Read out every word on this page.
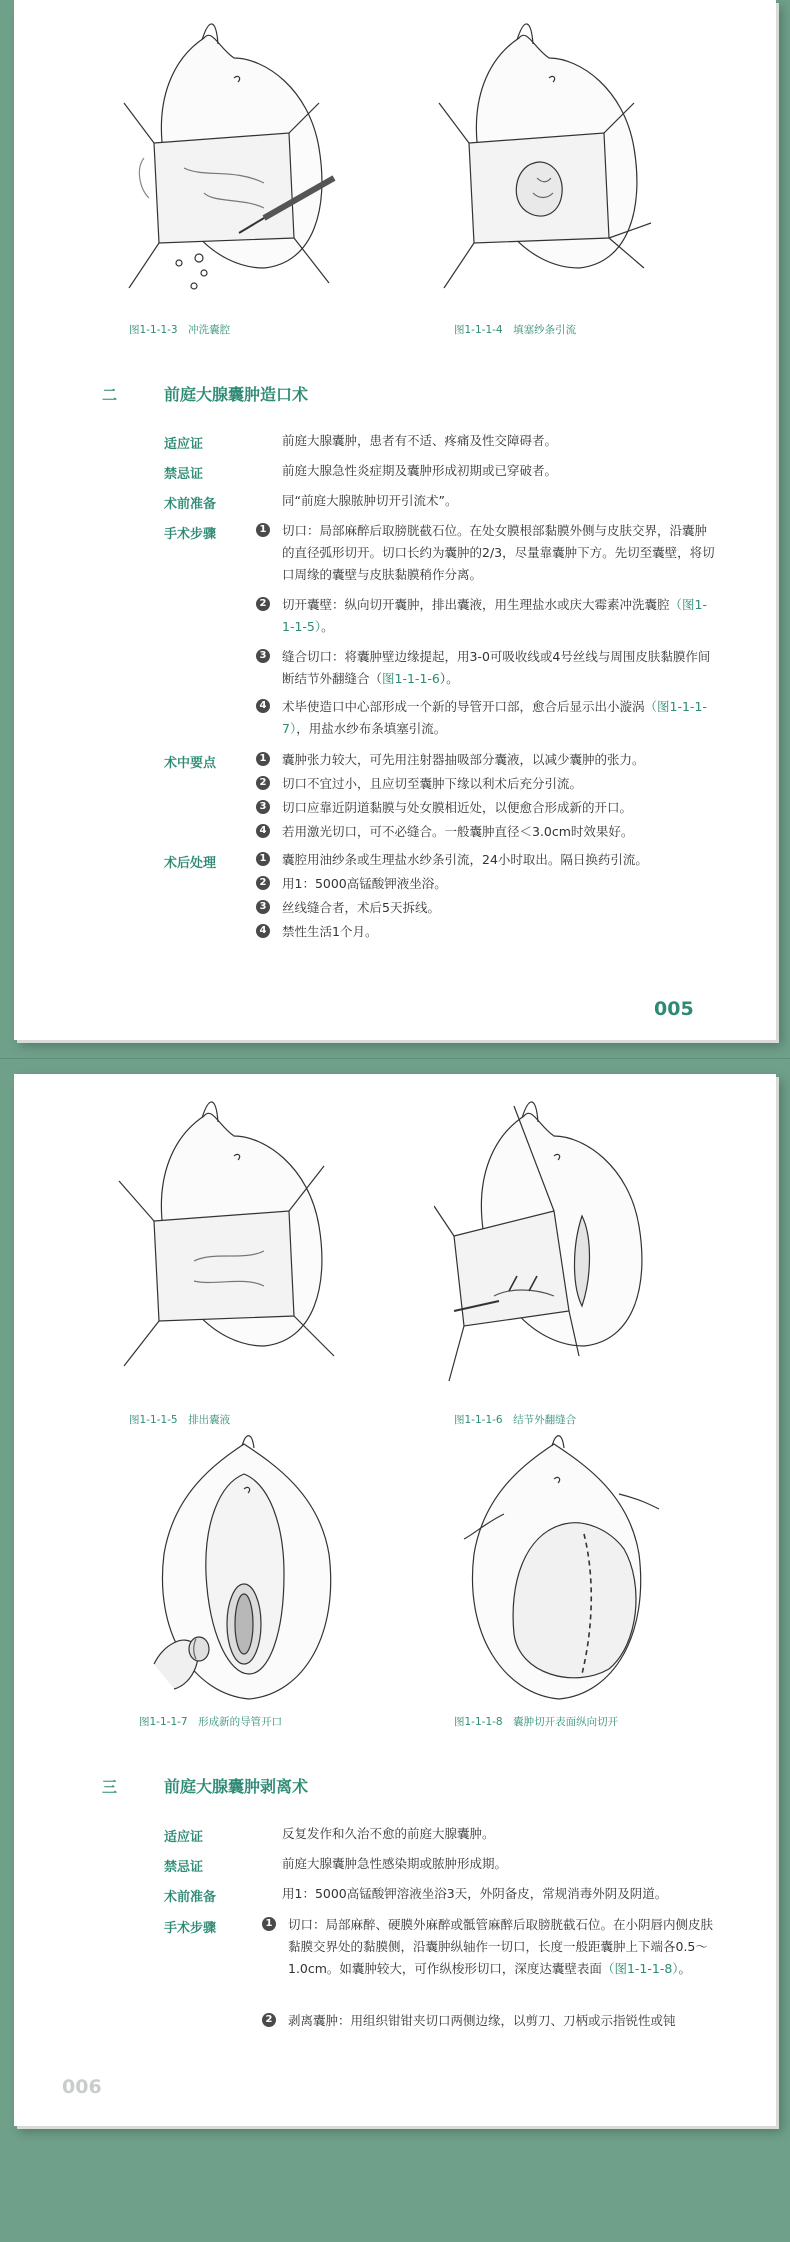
图1-1-1-3　冲洗囊腔	图1-1-1-4　填塞纱条引流
二	前庭大腺囊肿造口术
适应证	前庭大腺囊肿，患者有不适、疼痛及性交障碍者。
禁忌证	前庭大腺急性炎症期及囊肿形成初期或已穿破者。
术前准备	同“前庭大腺脓肿切开引流术”。
手术步骤	1 切口：局部麻醉后取膀胱截石位。在处女膜根部黏膜外侧与皮肤交界，沿囊肿的直径弧形切开。切口长约为囊肿的2/3，尽量靠囊肿下方。先切至囊壁，将切口周缘的囊壁与皮肤黏膜稍作分离。
2 切开囊壁：纵向切开囊肿，排出囊液，用生理盐水或庆大霉素冲洗囊腔（图1-1-1-5）。
3 缝合切口：将囊肿壁边缘提起，用3-0可吸收线或4号丝线与周围皮肤黏膜作间断结节外翻缝合（图1-1-1-6）。
4 术毕使造口中心部形成一个新的导管开口部，愈合后显示出小漩涡（图1-1-1-7），用盐水纱布条填塞引流。
术中要点	1 囊肿张力较大，可先用注射器抽吸部分囊液，以减少囊肿的张力。
2 切口不宜过小，且应切至囊肿下缘以利术后充分引流。
3 切口应靠近阴道黏膜与处女膜相近处，以便愈合形成新的开口。
4 若用激光切口，可不必缝合。一般囊肿直径＜3.0cm时效果好。
术后处理	1 囊腔用油纱条或生理盐水纱条引流，24小时取出。隔日换药引流。
2 用1：5000高锰酸钾液坐浴。
3 丝线缝合者，术后5天拆线。
4 禁性生活1个月。
005
图1-1-1-5　排出囊液	图1-1-1-6　结节外翻缝合
图1-1-1-7　形成新的导管开口	图1-1-1-8　囊肿切开表面纵向切开
三	前庭大腺囊肿剥离术
适应证	反复发作和久治不愈的前庭大腺囊肿。
禁忌证	前庭大腺囊肿急性感染期或脓肿形成期。
术前准备	用1：5000高锰酸钾溶液坐浴3天，外阴备皮，常规消毒外阴及阴道。
手术步骤	1 切口：局部麻醉、硬膜外麻醉或骶管麻醉后取膀胱截石位。在小阴唇内侧皮肤黏膜交界处的黏膜侧，沿囊肿纵轴作一切口，长度一般距囊肿上下端各0.5～1.0cm。如囊肿较大，可作纵梭形切口，深度达囊壁表面（图1-1-1-8）。
2 剥离囊肿：用组织钳钳夹切口两侧边缘，以剪刀、刀柄或示指锐性或钝
006
